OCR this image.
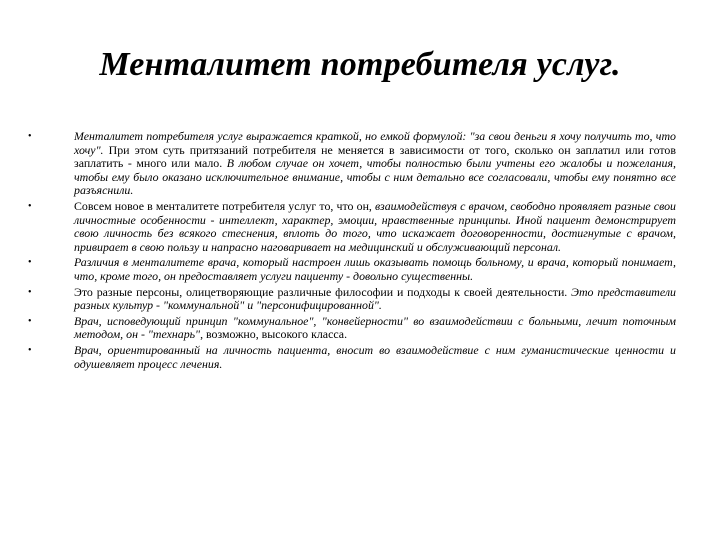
Менталитет потребителя услуг.
•	Менталитет потребителя услуг выражается краткой, но емкой формулой: "за свои деньги я хочу получить то, что хочу". При этом суть притязаний потребителя не меняется в зависимости от того, сколько он заплатил или готов заплатить - много или мало. В любом случае он хочет, чтобы полностью были учтены его жалобы и пожелания, чтобы ему было оказано исключительное внимание, чтобы с ним детально все согласовали, чтобы ему понятно все разъяснили.
•	Совсем новое в менталитете потребителя услуг то, что он, взаимодействуя с врачом, свободно проявляет разные свои личностные особенности - интеллект, характер, эмоции, нравственные принципы. Иной пациент демонстрирует свою личность без всякого стеснения, вплоть до того, что искажает договоренности, достигнутые с врачом, привирает в свою пользу и напрасно наговаривает на медицинский и обслуживающий персонал.
•	Различия в менталитете врача, который настроен лишь оказывать помощь больному, и врача, который понимает, что, кроме того, он предоставляет услуги пациенту - довольно существенны.
•	Это разные персоны, олицетворяющие различные философии и подходы к своей деятельности. Это представители разных культур - "коммунальной" и "персонифицированной".
•	Врач, исповедующий принцип "коммунальное", "конвейерности" во взаимодействии с больными, лечит поточным методом, он - "технарь", возможно, высокого класса.
•	Врач, ориентированный на личность пациента, вносит во взаимодействие с ним гуманистические ценности и одушевляет процесс лечения.
